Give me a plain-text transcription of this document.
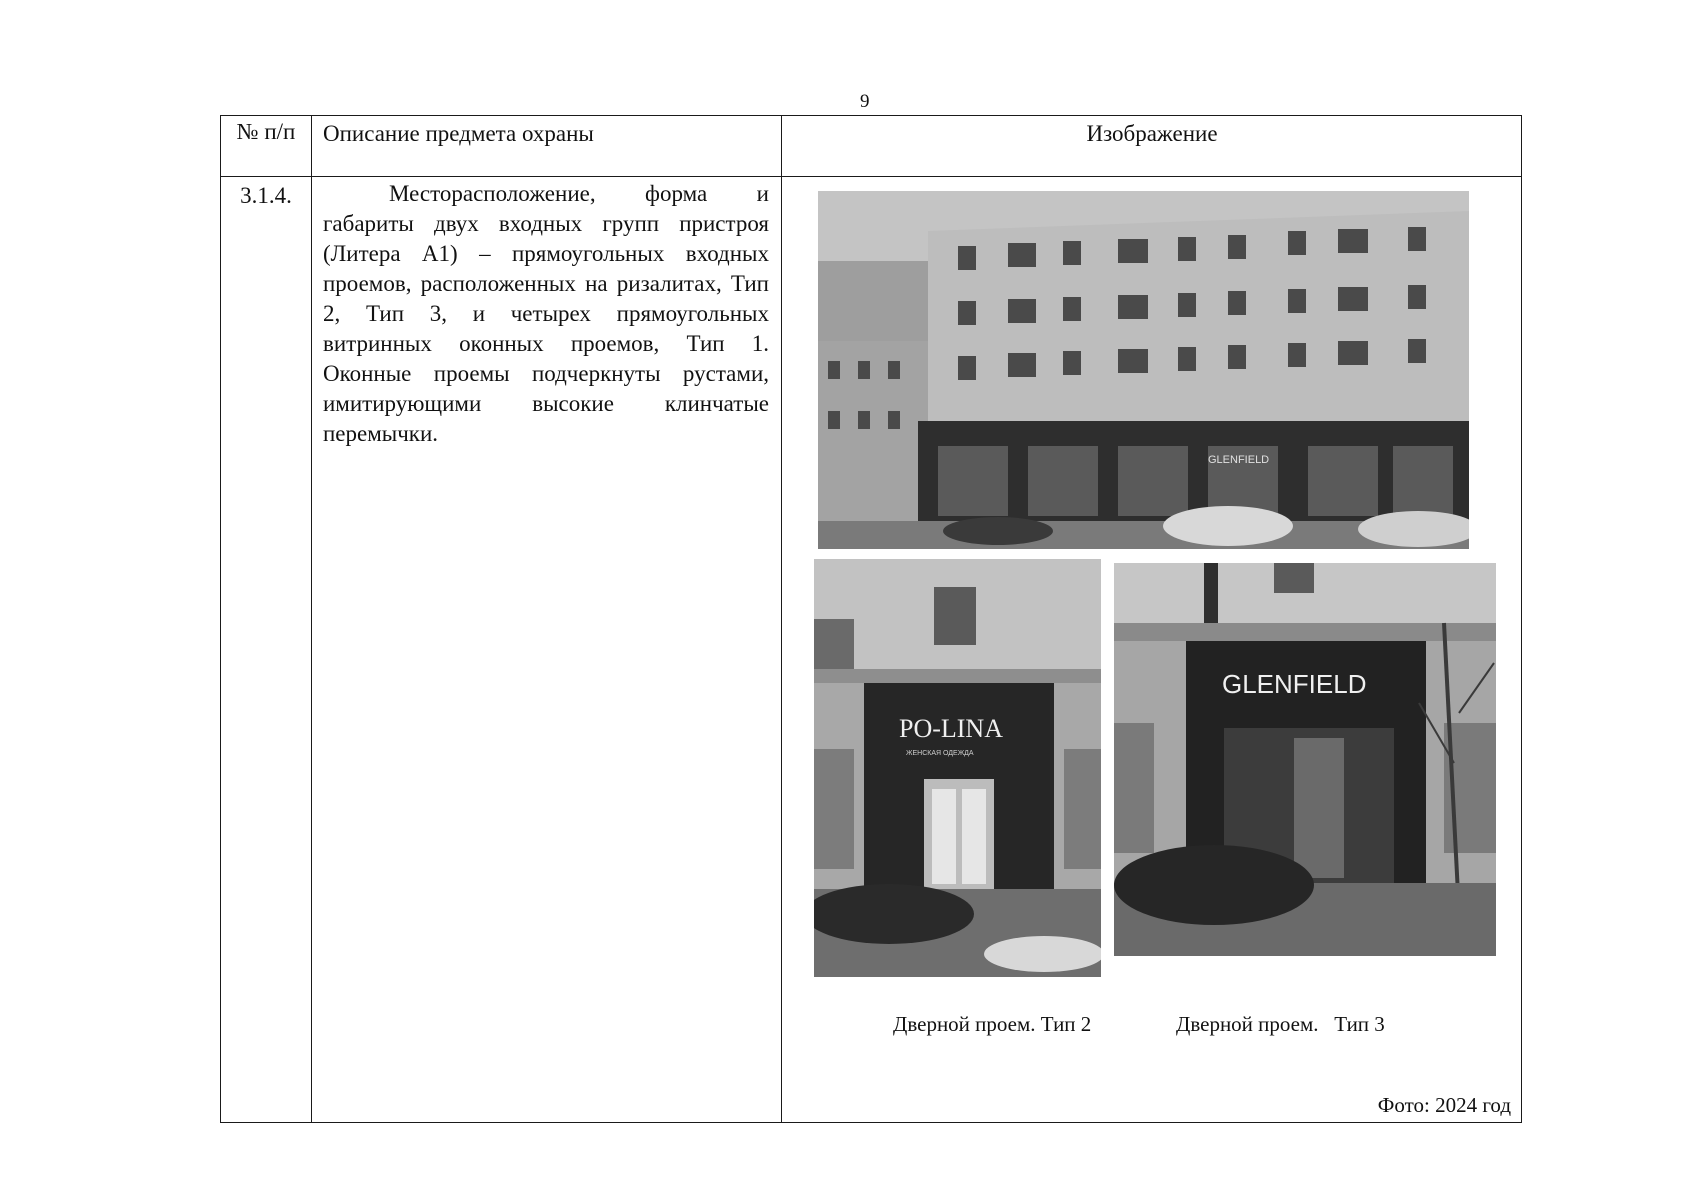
9
№ п/п	Описание предмета охраны	Изображение
3.1.4.	Месторасположение, форма и габариты двух входных групп пристроя (Литера А1) – прямоугольных входных проемов, расположенных на ризалитах, Тип 2, Тип 3, и четырех прямоугольных витринных оконных проемов, Тип 1. Оконные проемы подчеркнуты рустами, имитирующими высокие клинчатые перемычки.
GLENFIELD
PO-LINA
ЖЕНСКАЯ ОДЕЖДА
GLENFIELD
Дверной проем. Тип 2	Дверной проем.   Тип 3
Фото: 2024 год
